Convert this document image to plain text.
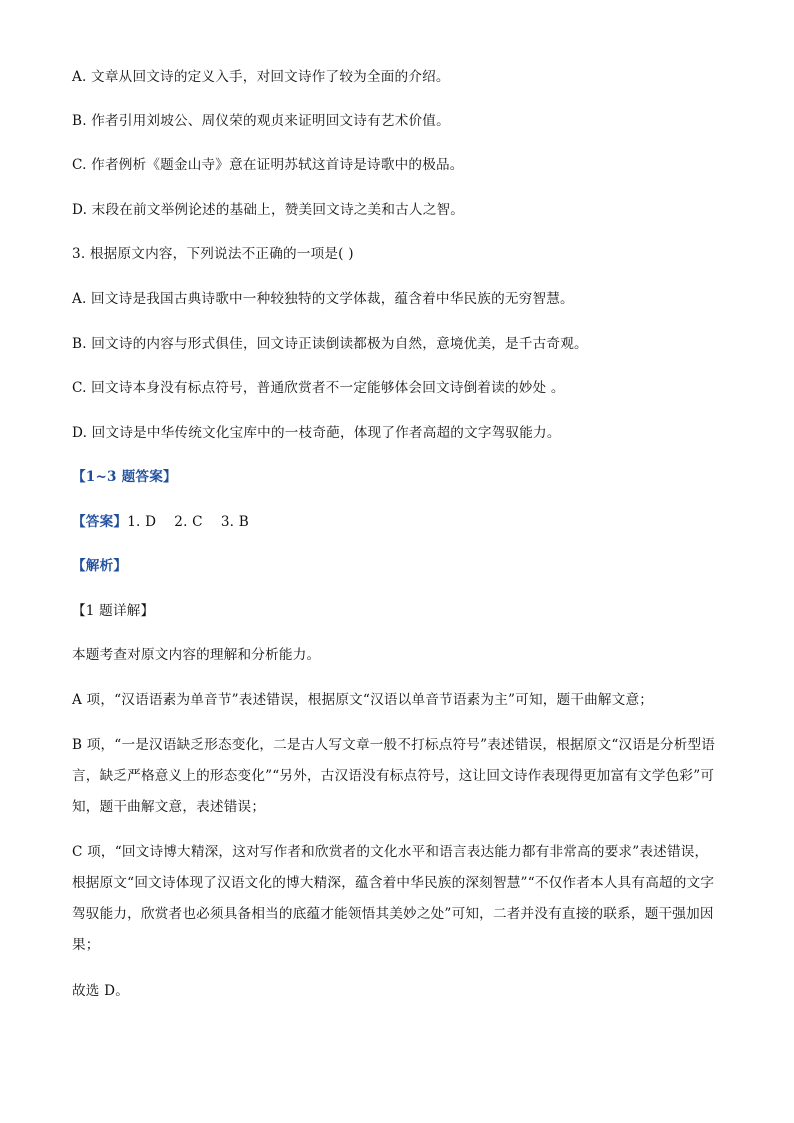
A. 文章从回文诗的定义入手，对回文诗作了较为全面的介绍。
B. 作者引用刘坡公、周仪荣的观贞来证明回文诗有艺术价值。
C. 作者例析《题金山寺》意在证明苏轼这首诗是诗歌中的极品。
D. 末段在前文举例论述的基础上，赞美回文诗之美和古人之智。
3. 根据原文内容，下列说法不正确的一项是( )
A. 回文诗是我国古典诗歌中一种较独特的文学体裁，蕴含着中华民族的无穷智慧。
B. 回文诗的内容与形式俱佳，回文诗正读倒读都极为自然，意境优美，是千古奇观。
C. 回文诗本身没有标点符号，普通欣赏者不一定能够体会回文诗倒着读的妙处 。
D. 回文诗是中华传统文化宝库中的一枝奇葩，体现了作者高超的文字驾驭能力。
【1~3 题答案】
【答案】1. D    2. C    3. B
【解析】
【1 题详解】
本题考查对原文内容的理解和分析能力。
A 项，“汉语语素为单音节”表述错误，根据原文“汉语以单音节语素为主”可知，题干曲解文意；
B 项，“一是汉语缺乏形态变化，二是古人写文章一般不打标点符号”表述错误，根据原文“汉语是分析型语言，缺乏严格意义上的形态变化”“另外，古汉语没有标点符号，这让回文诗作表现得更加富有文学色彩”可知，题干曲解文意，表述错误；
C 项，“回文诗博大精深，这对写作者和欣赏者的文化水平和语言表达能力都有非常高的要求”表述错误，根据原文“回文诗体现了汉语文化的博大精深，蕴含着中华民族的深刻智慧”“不仅作者本人具有高超的文字驾驭能力，欣赏者也必须具备相当的底蕴才能领悟其美妙之处”可知，二者并没有直接的联系，题干强加因果；
故选 D。
